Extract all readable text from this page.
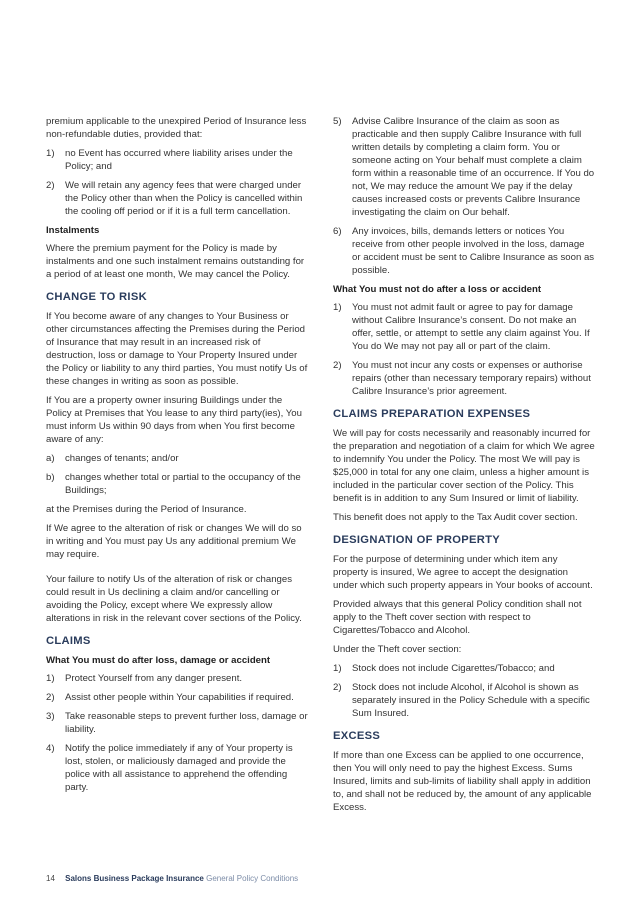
premium applicable to the unexpired Period of Insurance less non-refundable duties, provided that:

1)	no Event has occurred where liability arises under the Policy; and
2)	We will retain any agency fees that were charged under the Policy other than when the Policy is cancelled within the cooling off period or if it is a full term cancellation.

Instalments

Where the premium payment for the Policy is made by instalments and one such instalment remains outstanding for a period of at least one month, We may cancel the Policy.

CHANGE TO RISK

If You become aware of any changes to Your Business or other circumstances affecting the Premises during the Period of Insurance that may result in an increased risk of destruction, loss or damage to Your Property Insured under the Policy or liability to any third parties, You must notify Us of these changes in writing as soon as possible.

If You are a property owner insuring Buildings under the Policy at Premises that You lease to any third party(ies), You must inform Us within 90 days from when You first become aware of any:

a)	changes of tenants; and/or
b)	changes whether total or partial to the occupancy of the Buildings;

at the Premises during the Period of Insurance.

If We agree to the alteration of risk or changes We will do so in writing and You must pay Us any additional premium We may require.

Your failure to notify Us of the alteration of risk or changes could result in Us declining a claim and/or cancelling or avoiding the Policy, except where We expressly allow alterations in risk in the relevant cover sections of the Policy.

CLAIMS

What You must do after loss, damage or accident

1)	Protect Yourself from any danger present.
2)	Assist other people within Your capabilities if required.
3)	Take reasonable steps to prevent further loss, damage or liability.
4)	Notify the police immediately if any of Your property is lost, stolen, or maliciously damaged and provide the police with all assistance to apprehend the offending party.
5)	Advise Calibre Insurance of the claim as soon as practicable and then supply Calibre Insurance with full written details by completing a claim form. You or someone acting on Your behalf must complete a claim form within a reasonable time of an occurrence. If You do not, We may reduce the amount We pay if the delay causes increased costs or prevents Calibre Insurance investigating the claim on Our behalf.
6)	Any invoices, bills, demands letters or notices You receive from other people involved in the loss, damage or accident must be sent to Calibre Insurance as soon as possible.

What You must not do after a loss or accident

1)	You must not admit fault or agree to pay for damage without Calibre Insurance’s consent. Do not make an offer, settle, or attempt to settle any claim against You. If You do We may not pay all or part of the claim.
2)	You must not incur any costs or expenses or authorise repairs (other than necessary temporary repairs) without Calibre Insurance’s prior agreement.
CLAIMS PREPARATION EXPENSES

We will pay for costs necessarily and reasonably incurred for the preparation and negotiation of a claim for which We agree to indemnify You under the Policy. The most We will pay is $25,000 in total for any one claim, unless a higher amount is included in the particular cover section of the Policy. This benefit is in addition to any Sum Insured or limit of liability.

This benefit does not apply to the Tax Audit cover section.

DESIGNATION OF PROPERTY

For the purpose of determining under which item any property is insured, We agree to accept the designation under which such property appears in Your books of account.

Provided always that this general Policy condition shall not apply to the Theft cover section with respect to Cigarettes/Tobacco and Alcohol.

Under the Theft cover section:

1)	Stock does not include Cigarettes/Tobacco; and
2)	Stock does not include Alcohol, if Alcohol is shown as separately insured in the Policy Schedule with a specific Sum Insured.
EXCESS

If more than one Excess can be applied to one occurrence, then You will only need to pay the highest Excess. Sums Insured, limits and sub-limits of liability shall apply in addition to, and shall not be reduced by, the amount of any applicable Excess.

14 Salons Business Package Insurance General Policy Conditions
